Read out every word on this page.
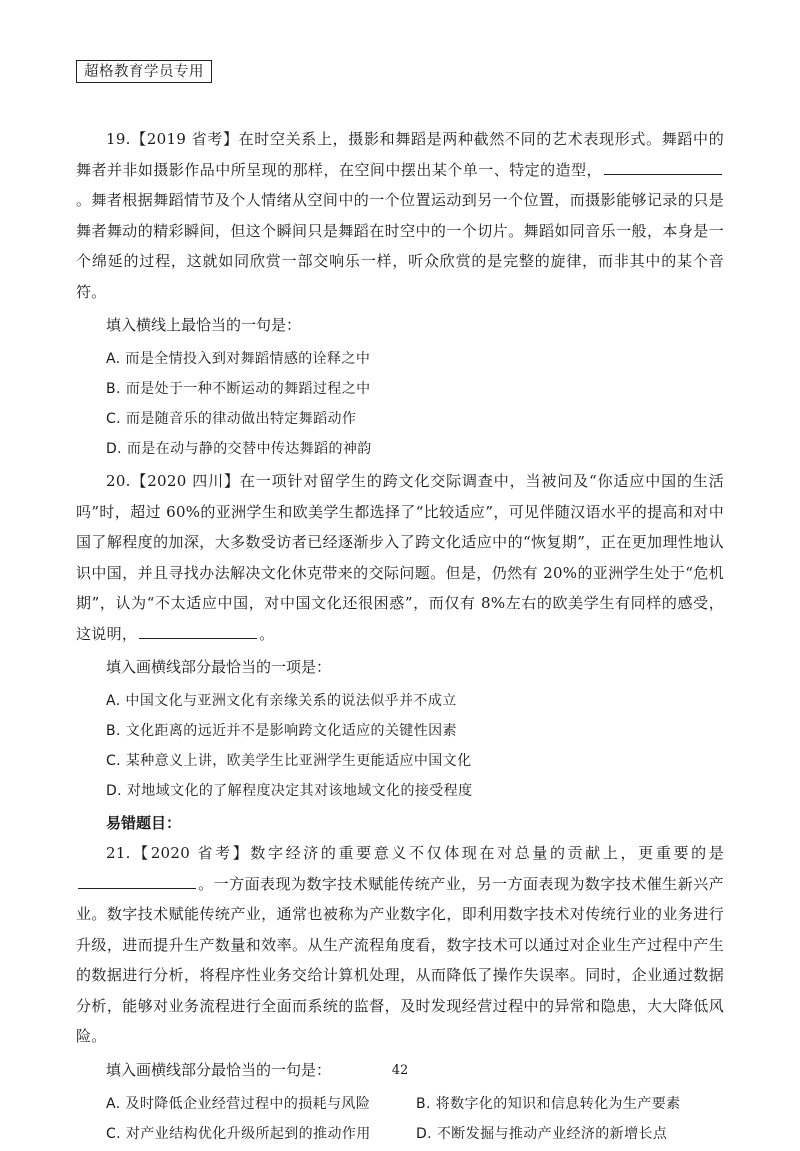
超格教育学员专用

19.【2019 省考】在时空关系上，摄影和舞蹈是两种截然不同的艺术表现形式。舞蹈中的舞者并非如摄影作品中所呈现的那样，在空间中摆出某个单一、特定的造型，。舞者根据舞蹈情节及个人情绪从空间中的一个位置运动到另一个位置，而摄影能够记录的只是舞者舞动的精彩瞬间，但这个瞬间只是舞蹈在时空中的一个切片。舞蹈如同音乐一般，本身是一个绵延的过程，这就如同欣赏一部交响乐一样，听众欣赏的是完整的旋律，而非其中的某个音符。

填入横线上最恰当的一句是：
A. 而是全情投入到对舞蹈情感的诠释之中
B. 而是处于一种不断运动的舞蹈过程之中
C. 而是随音乐的律动做出特定舞蹈动作
D. 而是在动与静的交替中传达舞蹈的神韵

20.【2020 四川】在一项针对留学生的跨文化交际调查中，当被问及“你适应中国的生活吗”时，超过 60%的亚洲学生和欧美学生都选择了“比较适应”，可见伴随汉语水平的提高和对中国了解程度的加深，大多数受访者已经逐渐步入了跨文化适应中的“恢复期”，正在更加理性地认识中国，并且寻找办法解决文化休克带来的交际问题。但是，仍然有 20%的亚洲学生处于“危机期”，认为“不太适应中国，对中国文化还很困惑”，而仅有 8%左右的欧美学生有同样的感受，这说明，	。

填入画横线部分最恰当的一项是：
A. 中国文化与亚洲文化有亲缘关系的说法似乎并不成立
B. 文化距离的远近并不是影响跨文化适应的关键性因素
C. 某种意义上讲，欧美学生比亚洲学生更能适应中国文化
D. 对地域文化的了解程度决定其对该地域文化的接受程度
易错题目：

21.【2020 省考】数字经济的重要意义不仅体现在对总量的贡献上，更重要的是。一方面表现为数字技术赋能传统产业，另一方面表现为数字技术催生新兴产业。数字技术赋能传统产业，通常也被称为产业数字化，即利用数字技术对传统行业的业务进行升级，进而提升生产数量和效率。从生产流程角度看，数字技术可以通过对企业生产过程中产生的数据进行分析，将程序性业务交给计算机处理，从而降低了操作失误率。同时，企业通过数据分析，能够对业务流程进行全面而系统的监督，及时发现经营过程中的异常和隐患，大大降低风险。

填入画横线部分最恰当的一句是：
A. 及时降低企业经营过程中的损耗与风险	B. 将数字化的知识和信息转化为生产要素
C. 对产业结构优化升级所起到的推动作用	D. 不断发掘与推动产业经济的新增长点
42
